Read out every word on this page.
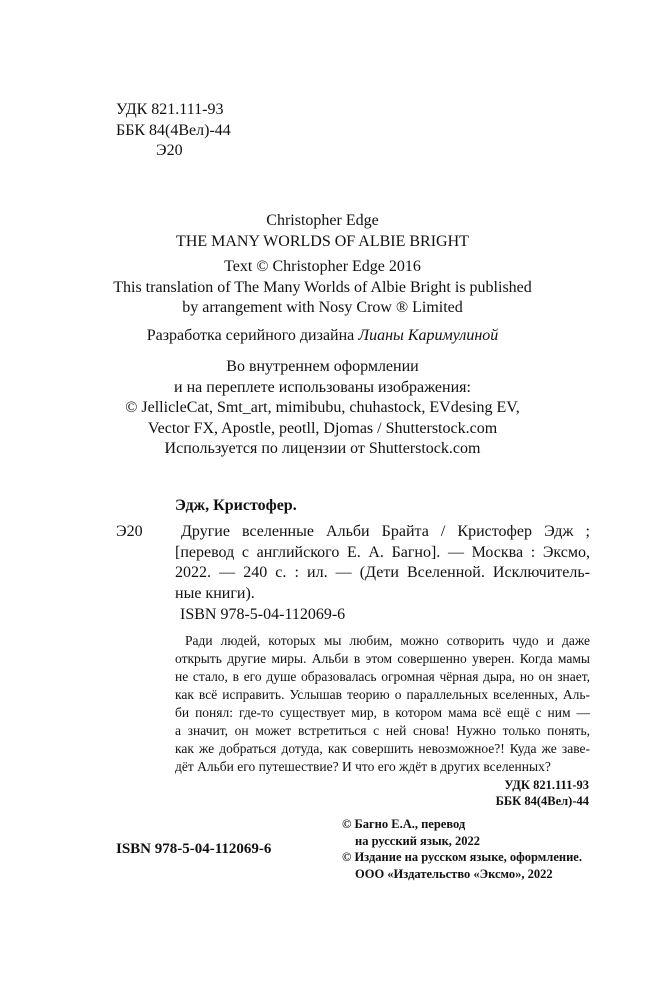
УДК 821.111-93
ББК 84(4Вел)-44
Э20
Christopher Edge
THE MANY WORLDS OF ALBIE BRIGHT
Text © Christopher Edge 2016
This translation of The Many Worlds of Albie Bright is published
by arrangement with Nosy Crow ® Limited
Разработка серийного дизайна Лианы Каримулиной
Во внутреннем оформлении
и на переплете использованы изображения:
© JellicleCat, Smt_art, mimibubu, chuhastock, EVdesing EV,
Vector FX, Apostle, peotll, Djomas / Shutterstock.com
Используется по лицензии от Shutterstock.com
Эдж, Кристофер.
Э20	Другие вселенные Альби Брайта / Кристофер Эдж ;
[перевод с английского Е. А. Багно]. — Москва : Эксмо,
2022. — 240 с. : ил. — (Дети Вселенной. Исключитель-
ные книги).
ISBN 978-5-04-112069-6
Ради людей, которых мы любим, можно сотворить чудо и даже
открыть другие миры. Альби в этом совершенно уверен. Когда мамы
не стало, в его душе образовалась огромная чёрная дыра, но он знает,
как всё исправить. Услышав теорию о параллельных вселенных, Аль-
би понял: где-то существует мир, в котором мама всё ещё с ним —
а значит, он может встретиться с ней снова! Нужно только понять,
как же добраться дотуда, как совершить невозможное?! Куда же заве-
дёт Альби его путешествие? И что его ждёт в других вселенных?
УДК 821.111-93
ББК 84(4Вел)-44
© Багно Е.А., перевод
на русский язык, 2022
© Издание на русском языке, оформление.
ООО «Издательство «Эксмо», 2022
ISBN 978-5-04-112069-6
